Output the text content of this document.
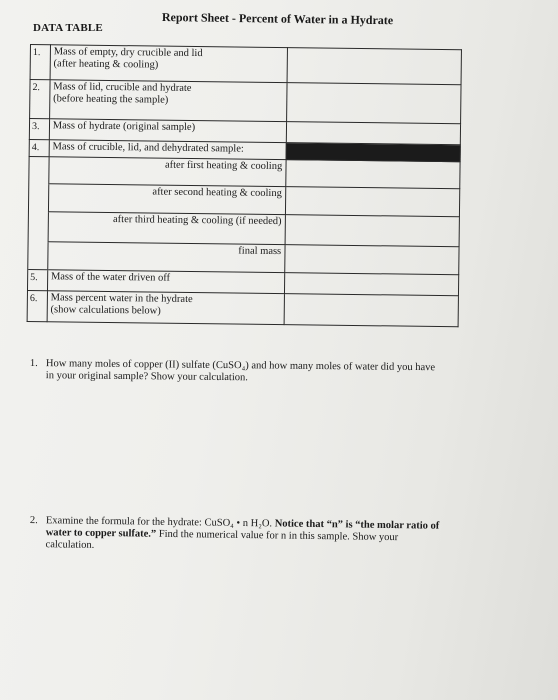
Report Sheet - Percent of Water in a Hydrate
DATA TABLE
1.	Mass of empty, dry crucible and lid
(after heating & cooling)	

2.	Mass of lid, crucible and hydrate
(before heating the sample)	

3.	Mass of hydrate (original sample)	
4.	Mass of crucible, lid, and dehydrated sample:	
	after first heating & cooling	
	after second heating & cooling	
	after third heating & cooling (if needed)	
	final mass	
5.	Mass of the water driven off	
6.	Mass percent water in the hydrate
(show calculations below)	

1. How many moles of copper (II) sulfate (CuSO₄) and how many moles of water did you have
in your original sample? Show your calculation.
2. Examine the formula for the hydrate: CuSO₄ • n H₂O. Notice that “n” is “the molar ratio of
water to copper sulfate.” Find the numerical value for n in this sample. Show your
calculation.
